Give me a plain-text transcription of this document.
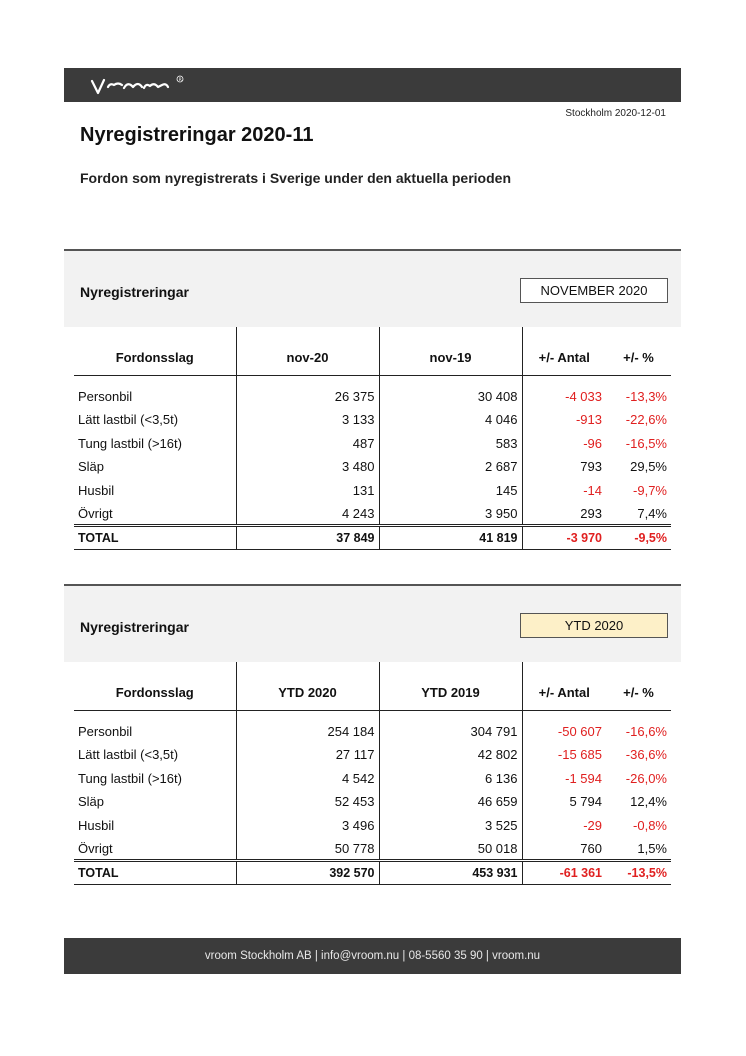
R
Stockholm 2020-12-01
Nyregistreringar 2020-11
Fordon som nyregistrerats i Sverige under den aktuella perioden
Nyregistreringar	NOVEMBER 2020
Fordonsslag	nov-20	nov-19	+/- Antal	+/- %
Personbil	26 375	30 408	-4 033	-13,3%
Lätt lastbil (<3,5t)	3 133	4 046	-913	-22,6%
Tung lastbil (>16t)	487	583	-96	-16,5%
Släp	3 480	2 687	793	29,5%
Husbil	131	145	-14	-9,7%
Övrigt	4 243	3 950	293	7,4%
TOTAL	37 849	41 819	-3 970	-9,5%
Nyregistreringar	YTD 2020
Fordonsslag	YTD 2020	YTD 2019	+/- Antal	+/- %
Personbil	254 184	304 791	-50 607	-16,6%
Lätt lastbil (<3,5t)	27 117	42 802	-15 685	-36,6%
Tung lastbil (>16t)	4 542	6 136	-1 594	-26,0%
Släp	52 453	46 659	5 794	12,4%
Husbil	3 496	3 525	-29	-0,8%
Övrigt	50 778	50 018	760	1,5%
TOTAL	392 570	453 931	-61 361	-13,5%
vroom Stockholm AB | info@vroom.nu | 08-5560 35 90 | vroom.nu
